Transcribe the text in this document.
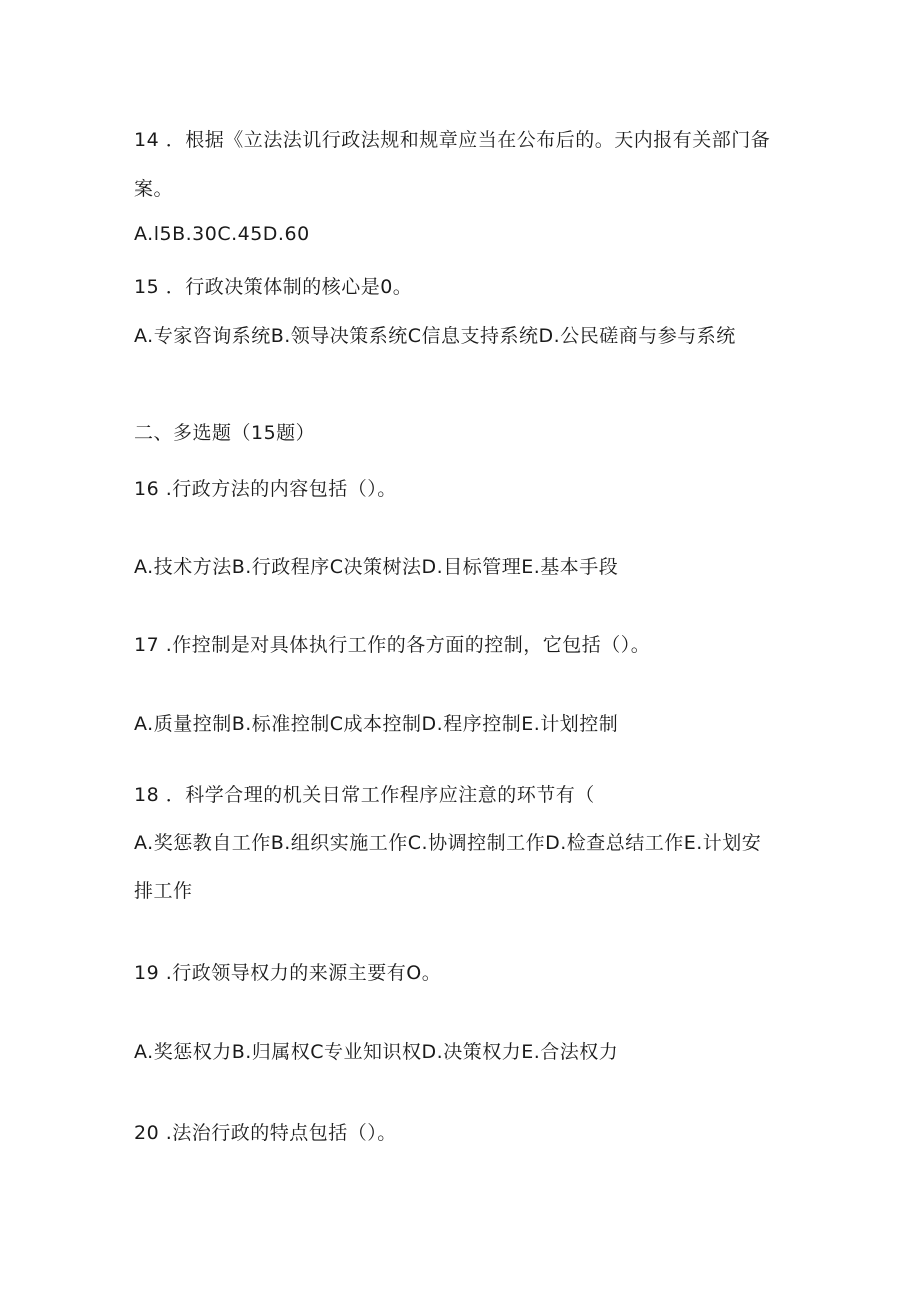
14 ．根据《立法法讥行政法规和规章应当在公布后的。天内报有关部门备
案。
A.l5B.30C.45D.60
15 ．行政决策体制的核心是0。
A.专家咨询系统B.领导决策系统C信息支持系统D.公民磋商与参与系统
二、多选题（15题）
16 .行政方法的内容包括（）。
A.技术方法B.行政程序C决策树法D.目标管理E.基本手段
17 .作控制是对具体执行工作的各方面的控制，它包括（）。
A.质量控制B.标准控制C成本控制D.程序控制E.计划控制
18 ．科学合理的机关日常工作程序应注意的环节有（
A.奖惩教自工作B.组织实施工作C.协调控制工作D.检查总结工作E.计划安
排工作
19 .行政领导权力的来源主要有O。
A.奖惩权力B.归属权C专业知识权D.决策权力E.合法权力
20 .法治行政的特点包括（）。
